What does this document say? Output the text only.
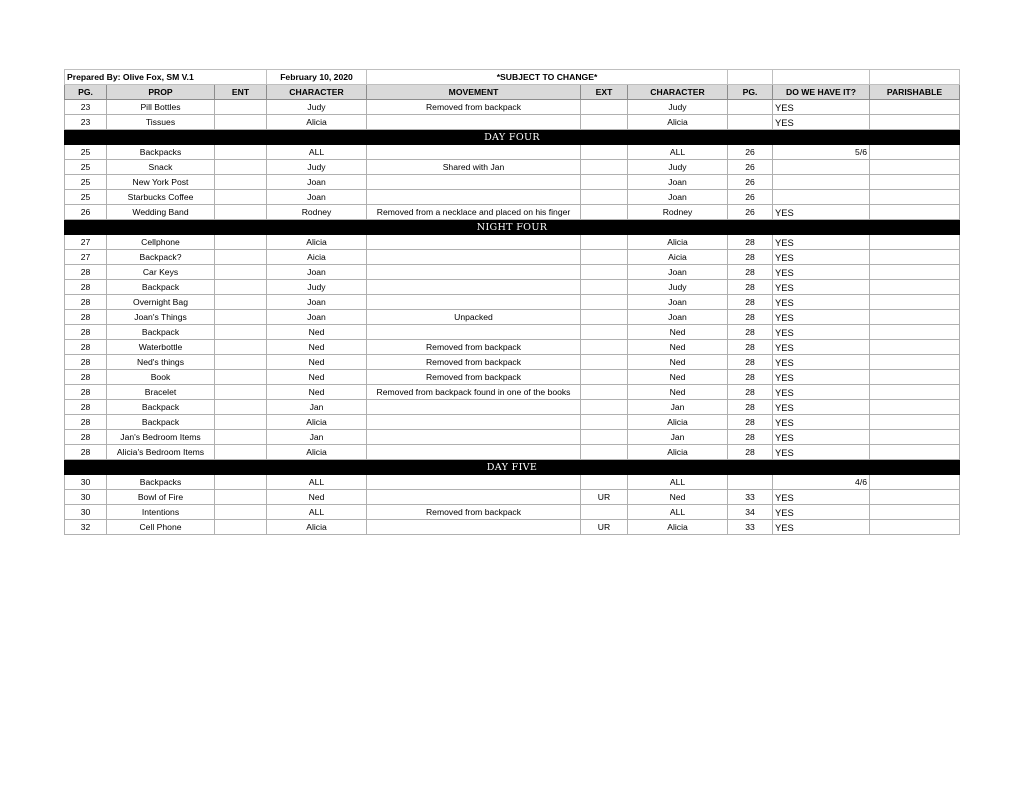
Prepared By: Olive Fox, SM V.1			February 10, 2020	*SUBJECT TO CHANGE*					
PG.	PROP	ENT	CHARACTER	MOVEMENT	EXT	CHARACTER	PG.	DO WE HAVE IT?	PARISHABLE
23	Pill Bottles		Judy	Removed from backpack		Judy		YES	
23	Tissues		Alicia			Alicia		YES	
DAY FOUR									
25	Backpacks		ALL			ALL	26	5/6	
25	Snack		Judy	Shared with Jan		Judy	26		
25	New York Post		Joan			Joan	26		
25	Starbucks Coffee		Joan			Joan	26		
26	Wedding Band		Rodney	Removed from a necklace and placed on his finger		Rodney	26	YES	
NIGHT FOUR									
27	Cellphone		Alicia			Alicia	28	YES	
27	Backpack?		Aicia			Aicia	28	YES	
28	Car Keys		Joan			Joan	28	YES	
28	Backpack		Judy			Judy	28	YES	
28	Overnight Bag		Joan			Joan	28	YES	
28	Joan's Things		Joan	Unpacked		Joan	28	YES	
28	Backpack		Ned			Ned	28	YES	
28	Waterbottle		Ned	Removed from backpack		Ned	28	YES	
28	Ned's things		Ned	Removed from backpack		Ned	28	YES	
28	Book		Ned	Removed from backpack		Ned	28	YES	
28	Bracelet		Ned	Removed from backpack found in one of the books		Ned	28	YES	
28	Backpack		Jan			Jan	28	YES	
28	Backpack		Alicia			Alicia	28	YES	
28	Jan's Bedroom Items		Jan			Jan	28	YES	
28	Alicia's Bedroom Items		Alicia			Alicia	28	YES	
DAY FIVE									
30	Backpacks		ALL			ALL		4/6	
30	Bowl of Fire		Ned		UR	Ned	33	YES	
30	Intentions		ALL	Removed from backpack		ALL	34	YES	
32	Cell Phone		Alicia		UR	Alicia	33	YES	
